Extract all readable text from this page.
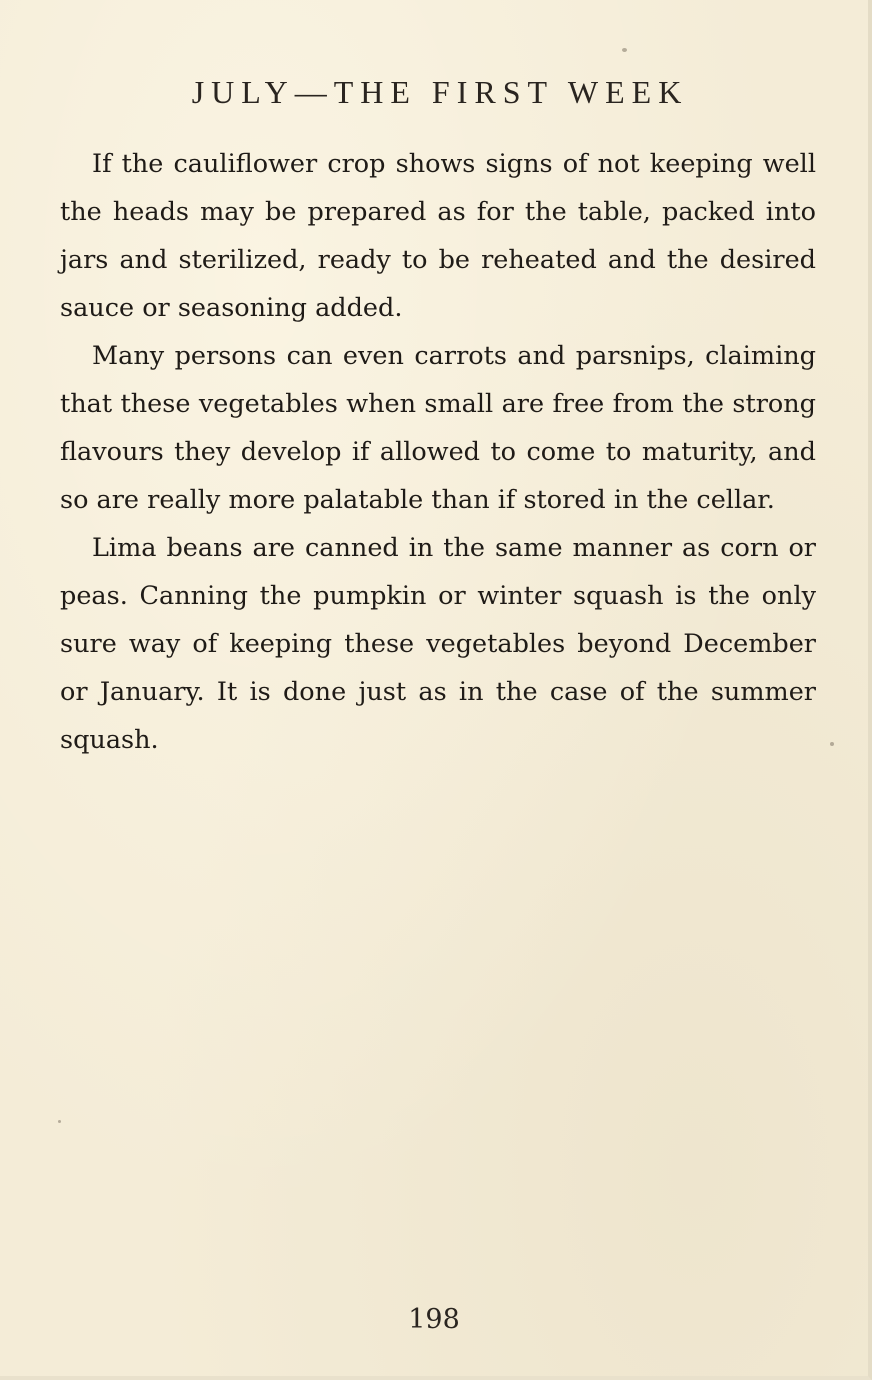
JULY—THE FIRST WEEK

If the cauliflower crop shows signs of not keeping well the heads may be prepared as for the table, packed into jars and sterilized, ready to be reheated and the desired sauce or seasoning added.

Many persons can even carrots and parsnips, claiming that these vegetables when small are free from the strong flavours they develop if allowed to come to maturity, and so are really more palatable than if stored in the cellar.

Lima beans are canned in the same manner as corn or peas. Canning the pumpkin or winter squash is the only sure way of keeping these vegetables beyond December or January. It is done just as in the case of the summer squash.

198
